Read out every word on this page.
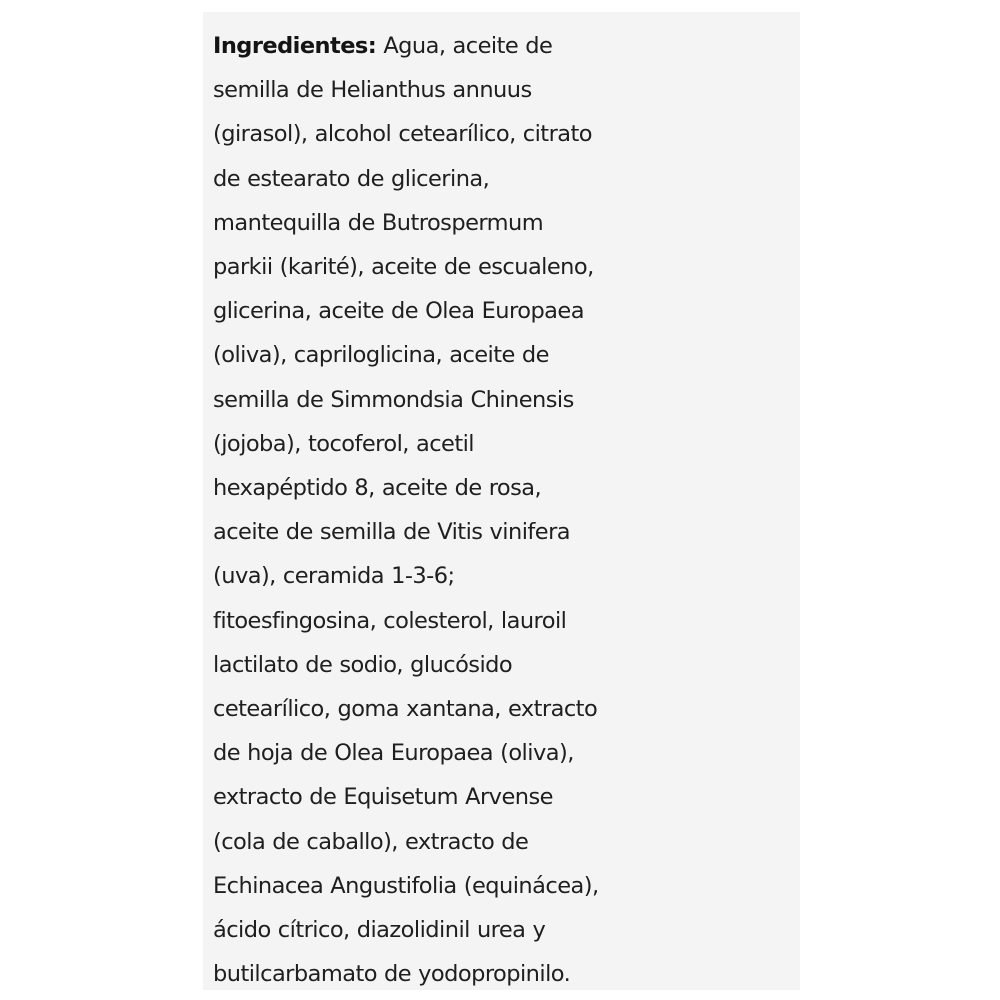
Ingredientes: Agua, aceite de
semilla de Helianthus annuus
(girasol), alcohol cetearílico, citrato
de estearato de glicerina,
mantequilla de Butrospermum
parkii (karité), aceite de escualeno,
glicerina, aceite de Olea Europaea
(oliva), capriloglicina, aceite de
semilla de Simmondsia Chinensis
(jojoba), tocoferol, acetil
hexapéptido 8, aceite de rosa,
aceite de semilla de Vitis vinifera
(uva), ceramida 1-3-6;
fitoesfingosina, colesterol, lauroil
lactilato de sodio, glucósido
cetearílico, goma xantana, extracto
de hoja de Olea Europaea (oliva),
extracto de Equisetum Arvense
(cola de caballo), extracto de
Echinacea Angustifolia (equinácea),
ácido cítrico, diazolidinil urea y
butilcarbamato de yodopropinilo.
